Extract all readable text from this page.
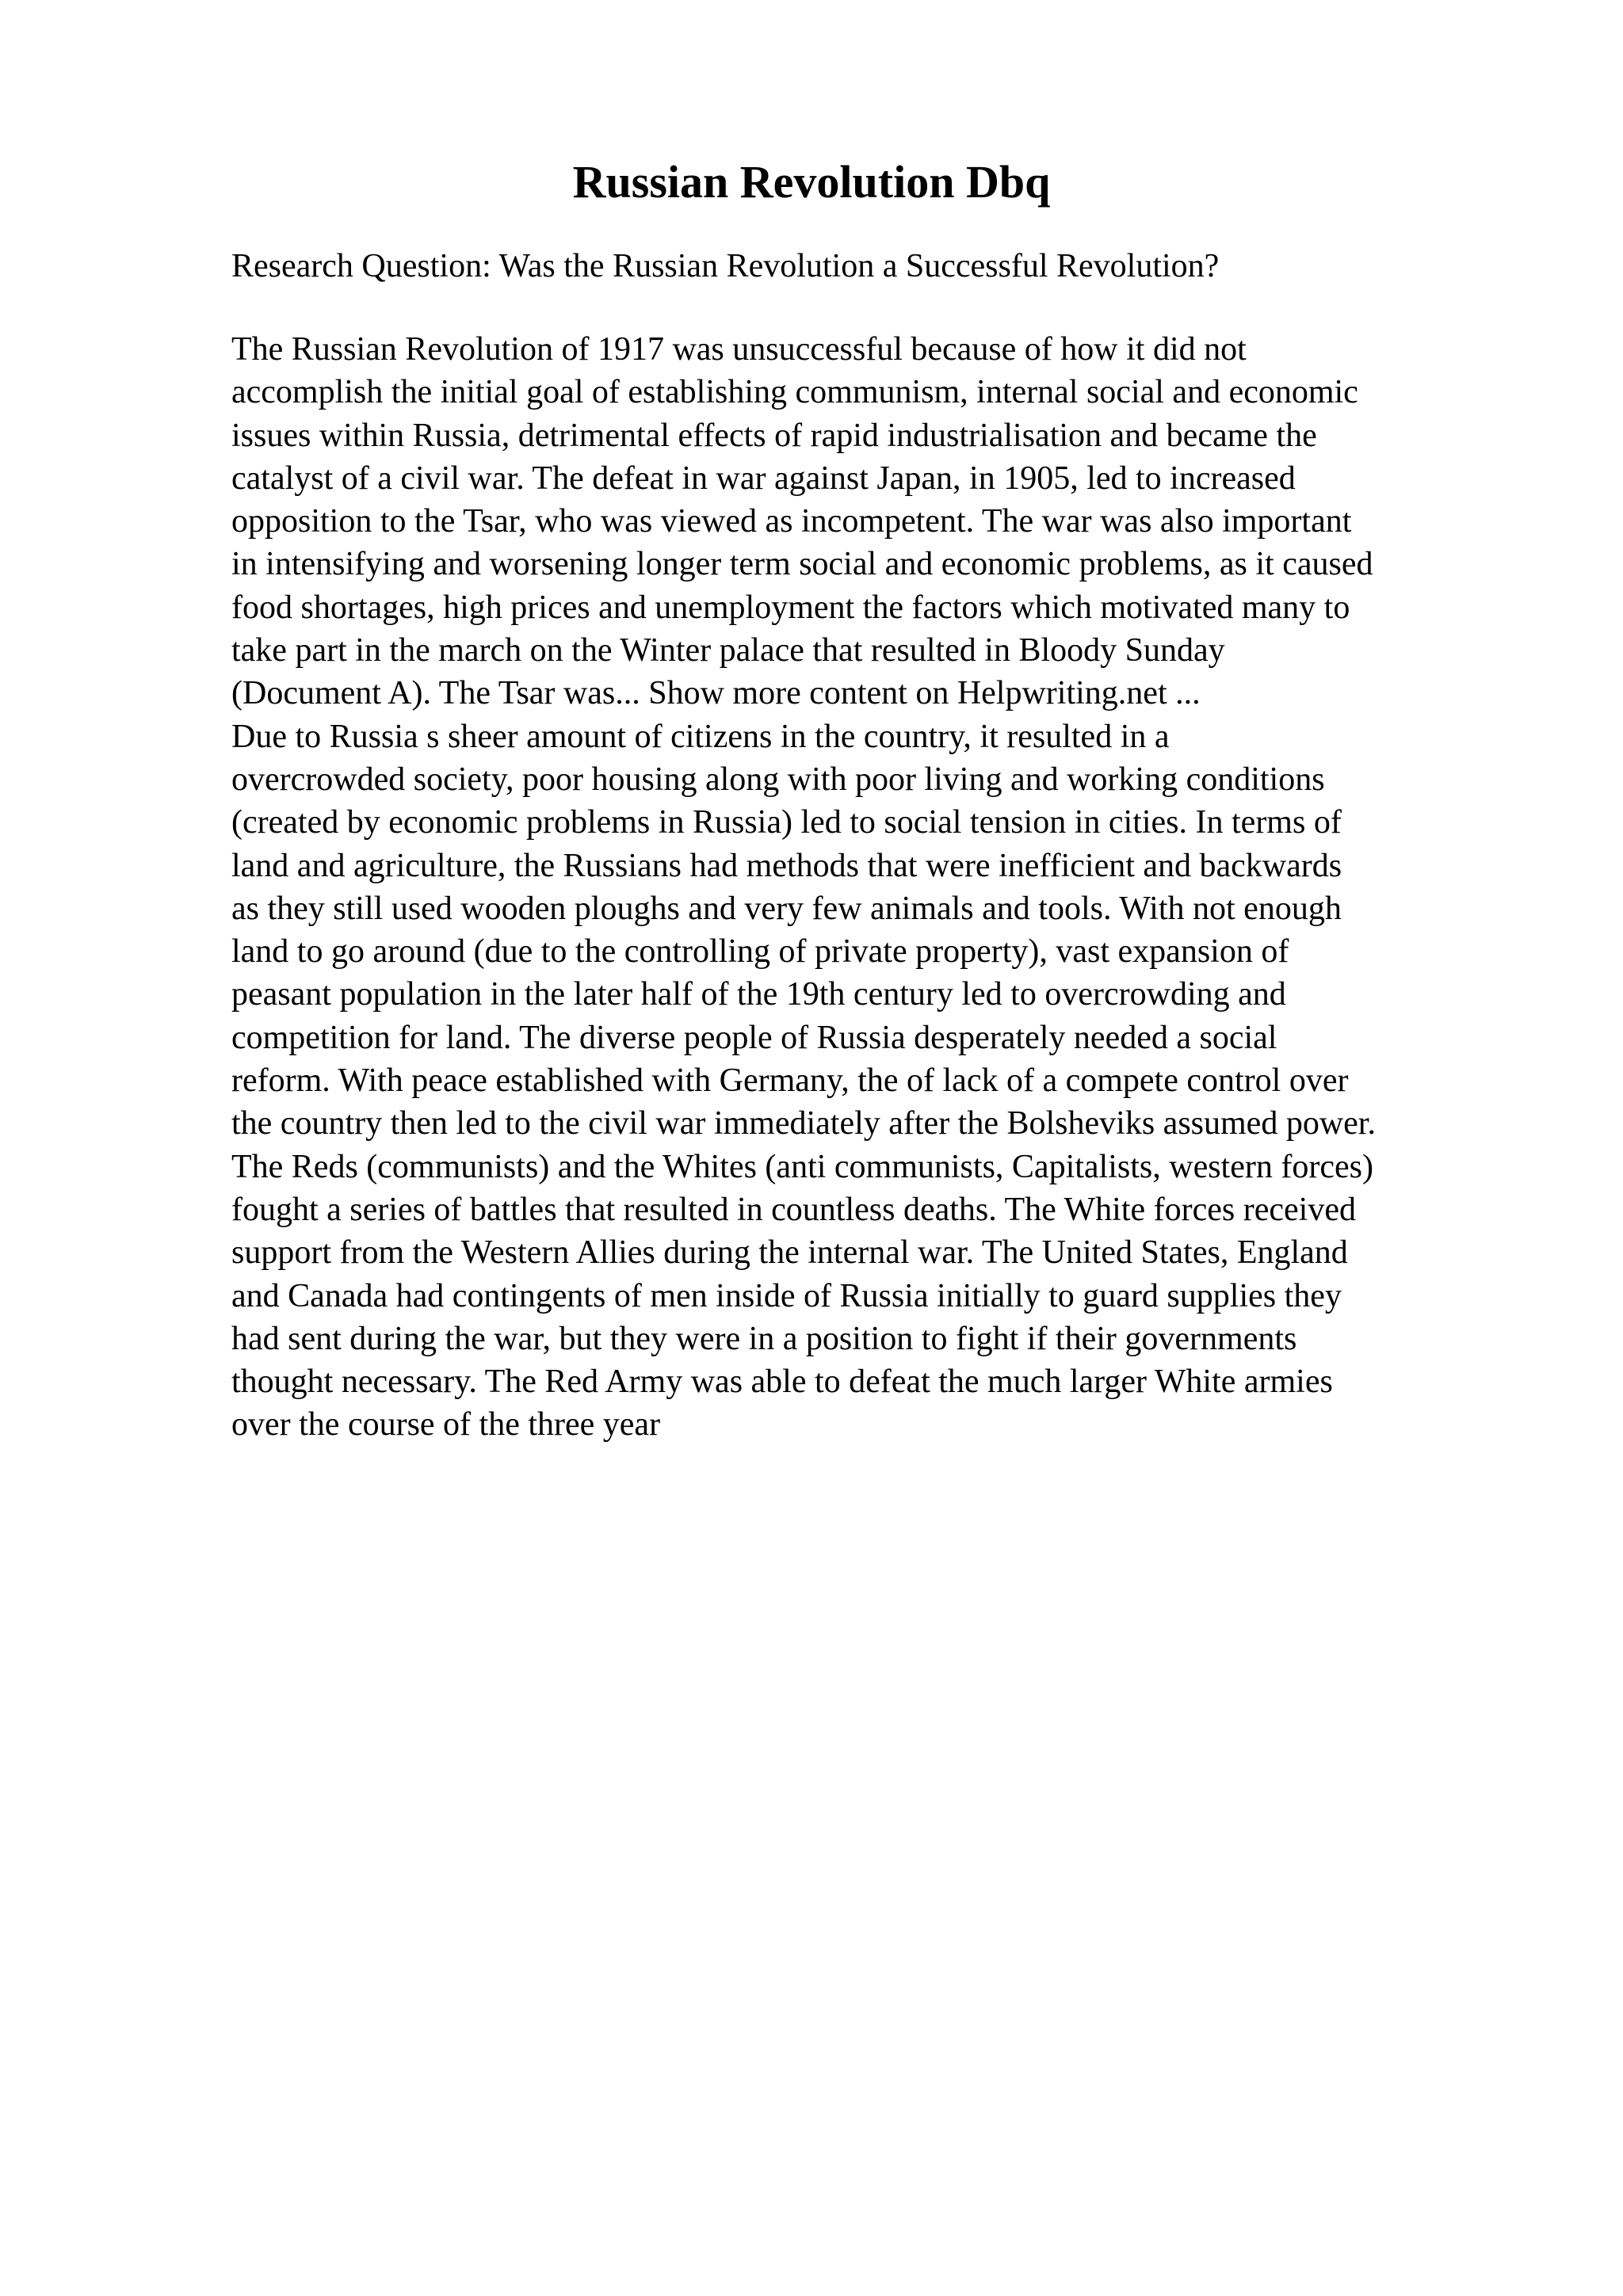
Russian Revolution Dbq

Research Question: Was the Russian Revolution a Successful Revolution?

The Russian Revolution of 1917 was unsuccessful because of how it did not
accomplish the initial goal of establishing communism, internal social and economic
issues within Russia, detrimental effects of rapid industrialisation and became the
catalyst of a civil war. The defeat in war against Japan, in 1905, led to increased
opposition to the Tsar, who was viewed as incompetent. The war was also important
in intensifying and worsening longer term social and economic problems, as it caused
food shortages, high prices and unemployment the factors which motivated many to
take part in the march on the Winter palace that resulted in Bloody Sunday
(Document A). The Tsar was... Show more content on Helpwriting.net ...
Due to Russia s sheer amount of citizens in the country, it resulted in a
overcrowded society, poor housing along with poor living and working conditions
(created by economic problems in Russia) led to social tension in cities. In terms of
land and agriculture, the Russians had methods that were inefficient and backwards
as they still used wooden ploughs and very few animals and tools. With not enough
land to go around (due to the controlling of private property), vast expansion of
peasant population in the later half of the 19th century led to overcrowding and
competition for land. The diverse people of Russia desperately needed a social
reform. With peace established with Germany, the of lack of a compete control over
the country then led to the civil war immediately after the Bolsheviks assumed power.
The Reds (communists) and the Whites (anti communists, Capitalists, western forces)
fought a series of battles that resulted in countless deaths. The White forces received
support from the Western Allies during the internal war. The United States, England
and Canada had contingents of men inside of Russia initially to guard supplies they
had sent during the war, but they were in a position to fight if their governments
thought necessary. The Red Army was able to defeat the much larger White armies
over the course of the three year
